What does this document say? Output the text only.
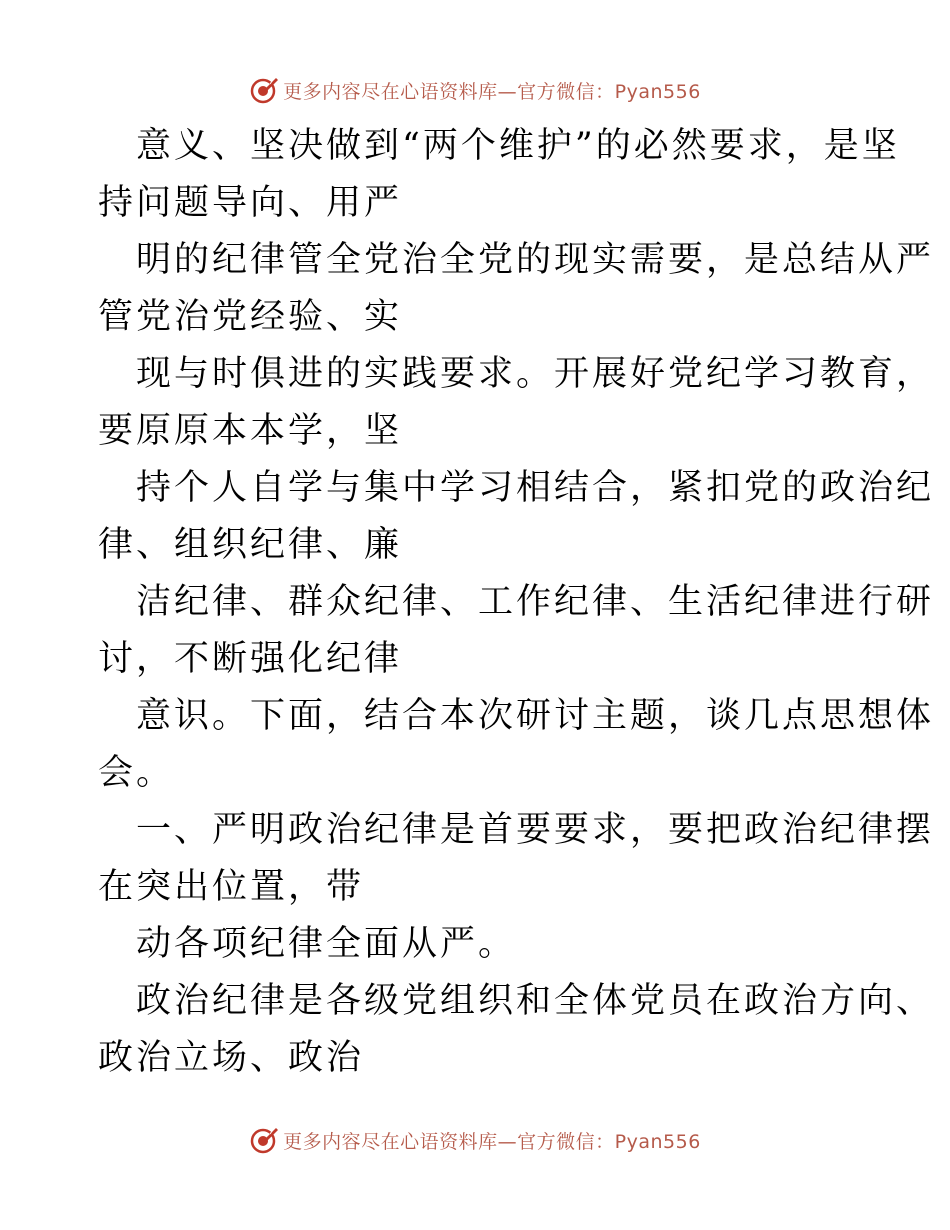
更多内容尽在心语资料库—官方微信：Pyan556
意义、坚决做到“两个维护”的必然要求，是坚
持问题导向、用严
明的纪律管全党治全党的现实需要，是总结从严
管党治党经验、实
现与时俱进的实践要求。开展好党纪学习教育，
要原原本本学，坚
持个人自学与集中学习相结合，紧扣党的政治纪
律、组织纪律、廉
洁纪律、群众纪律、工作纪律、生活纪律进行研
讨，不断强化纪律
意识。下面，结合本次研讨主题，谈几点思想体
会。
一、严明政治纪律是首要要求，要把政治纪律摆
在突出位置，带
动各项纪律全面从严。
政治纪律是各级党组织和全体党员在政治方向、
政治立场、政治
更多内容尽在心语资料库—官方微信：Pyan556
